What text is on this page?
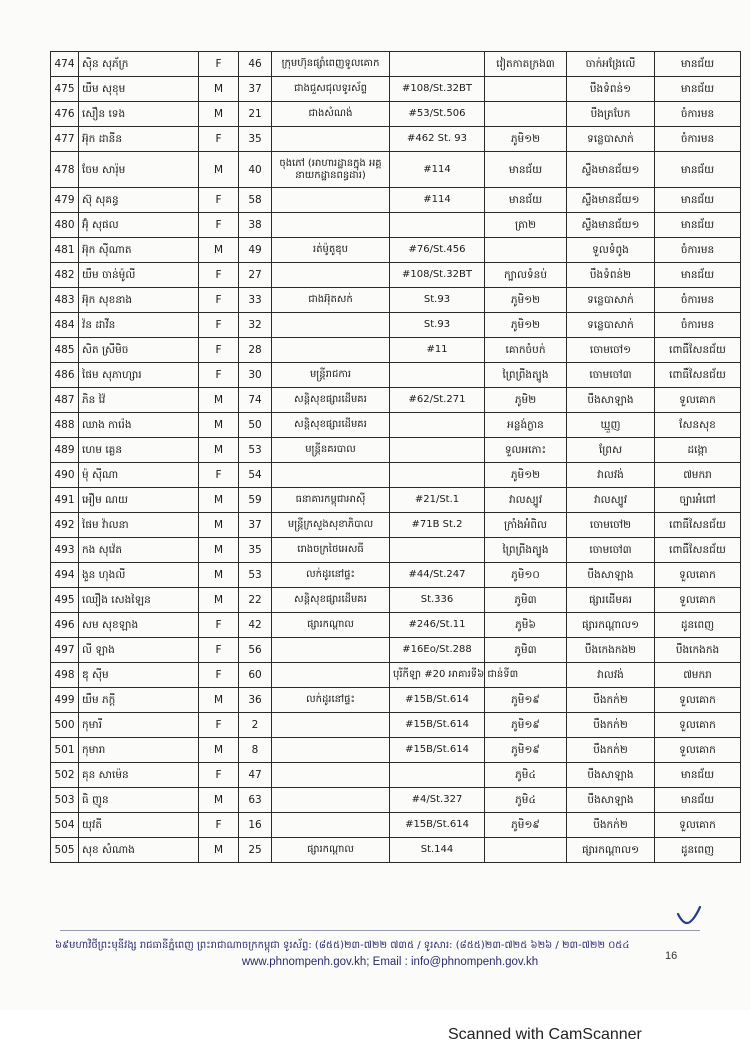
474	ស៊ិន សុភ័ក្រ	F	46	ក្រុមហ៊ុនផ្សាំពេញទូលគោក		វៀតកាតក្រង៣	ចាក់អង្រែលើ	មានជ័យ
475	យឹម សុខុម	M	37	ជាងជួសជុលទូរស័ព្ទ	#108/St.32BT		បឹងទំពន់១	មានជ័យ
476	សឿន ទេង	M	21	ជាងសំណង់	#53/St.506		បឹងត្របែក	ចំការមន
477	អ៊ុក ដានីន	F	35		#462 St. 93	ភូមិ១២	ទន្លេបាសាក់	ចំការមន
478	ចែម សារ៉ុម	M	40	ចុងភៅ (អាហារដ្ឋានក្នុង អគ្គនាយកដ្ឋានពន្ធដារ)	#114	មានជ័យ	ស្ទឹងមានជ័យ១	មានជ័យ
479	ស៊ុ សុគន្ធ	F	58		#114	មានជ័យ	ស្ទឹងមានជ័យ១	មានជ័យ
480	អ៊ុំ សុផល	F	38			ត្រា២	ស្ទឹងមានជ័យ១	មានជ័យ
481	អ៊ុក ស៊ីណាត	M	49	រត់ម៉ូតូឌុប	#76/St.456		ទួលទំពូង	ចំការមន
482	យឹម ចាន់ម៉ូលី	F	27		#108/St.32BT	ក្បាលទំនប់	បឹងទំពន់២	មានជ័យ
483	អ៊ុក សុខនាង	F	33	ជាងអ៊ុតសក់	St.93	ភូមិ១២	ទន្លេបាសាក់	ចំការមន
484	វ៉ន ដាវីន	F	32		St.93	ភូមិ១២	ទន្លេបាសាក់	ចំការមន
485	សិត ស្រីមិច	F	28		#11	គោកចំបក់	ចោមចៅ១	ពោធិ៍សែនជ័យ
486	ផៃម សុភាហ្សារ	F	30	មន្ត្រីរាជការ		ព្រៃព្រីងត្បូង	ចោមចៅ៣	ពោធិ៍សែនជ័យ
487	ភិន វ៉ៃ	M	74	សន្តិសុខផ្សារដើមគរ	#62/St.271	ភូមិ២	បឹងសាឡាង	ទួលគោក
488	ឈាង ការ៉េង	M	50	សន្តិសុខផ្សារដើមគរ		អន្លង់ក្ងាន	ឃ្មួញ	សែនសុខ
489	ហេម គ្លេន	M	53	មន្ត្រីនគរបាល		ទួលអភោះ	ព្រែស	ដង្កោ
490	ម៉ុ ស៊ីណា	F	54			ភូមិ១២	វាលវង់	៧មករា
491	អឿម ណយ	M	59	ធនាគារកម្ពុជាអាស៊ី	#21/St.1	វាលស្បូវ	វាលស្បូវ	ច្បារអំពៅ
492	ផៃម វ៉ាលនា	M	37	មន្ត្រីក្រសួងសុខាភិបាល	#71B St.2	ក្រាំងអំពិល	ចោមចៅ២	ពោធិ៍សែនជ័យ
493	កង សុវ៉េត	M	35	រោងចក្រថៃអេសធី		ព្រៃព្រីងត្បូង	ចោមចៅ៣	ពោធិ៍សែនជ័យ
494	ងួន ហុងលី	M	53	លក់ដូរនៅផ្ទះ	#44/St.247	ភូមិ១០	បឹងសាឡាង	ទួលគោក
495	ឈឿង សេងឡៃន	M	22	សន្តិសុខផ្សារដើមគរ	St.336	ភូមិ៣	ផ្សារដើមគរ	ទួលគោក
496	សម សុខឡាង	F	42	ផ្សារកណ្តាល	#246/St.11	ភូមិ៦	ផ្សារកណ្តាល១	ដូនពេញ
497	លី ឡាង	F	56		#16Eo/St.288	ភូមិ៣	បឹងកេងកង២	បឹងកេងកង
498	ឌុ ស៊ីម	F	60		បុរីកីឡា #20 អាគារទី៦ ជាន់ទី៣		វាលវង់	៧មករា
499	យឹម ភក្តី	M	36	លក់ដូរនៅផ្ទះ	#15B/St.614	ភូមិ១៩	បឹងកក់២	ទួលគោក
500	កុមារី	F	2		#15B/St.614	ភូមិ១៩	បឹងកក់២	ទួលគោក
501	កុមារា	M	8		#15B/St.614	ភូមិ១៩	បឹងកក់២	ទួលគោក
502	គុន សាម៉េន	F	47			ភូមិ៤	បឹងសាឡាង	មានជ័យ
503	ធិ ញូន	M	63		#4/St.327	ភូមិ៤	បឹងសាឡាង	មានជ័យ
504	យុវតី	F	16		#15B/St.614	ភូមិ១៩	បឹងកក់២	ទួលគោក
505	សុខ សំណាង	M	25	ផ្សារកណ្តាល	St.144		ផ្សារកណ្តាល១	ដូនពេញ
៦៩មហាវិថីព្រះមុនីវង្ស រាជធានីភ្នំពេញ ព្រះរាជាណាចក្រកម្ពុជា ទូរស័ព្ទ: (៨៥៥)២៣-៧២២ ៧៣៥ / ទូរសារ: (៨៥៥)២៣-៧២៥ ៦២៦ / ២៣-៧២២ ០៥៤
www.phnompenh.gov.kh; Email : info@phnompenh.gov.kh	16
Scanned with CamScanner
